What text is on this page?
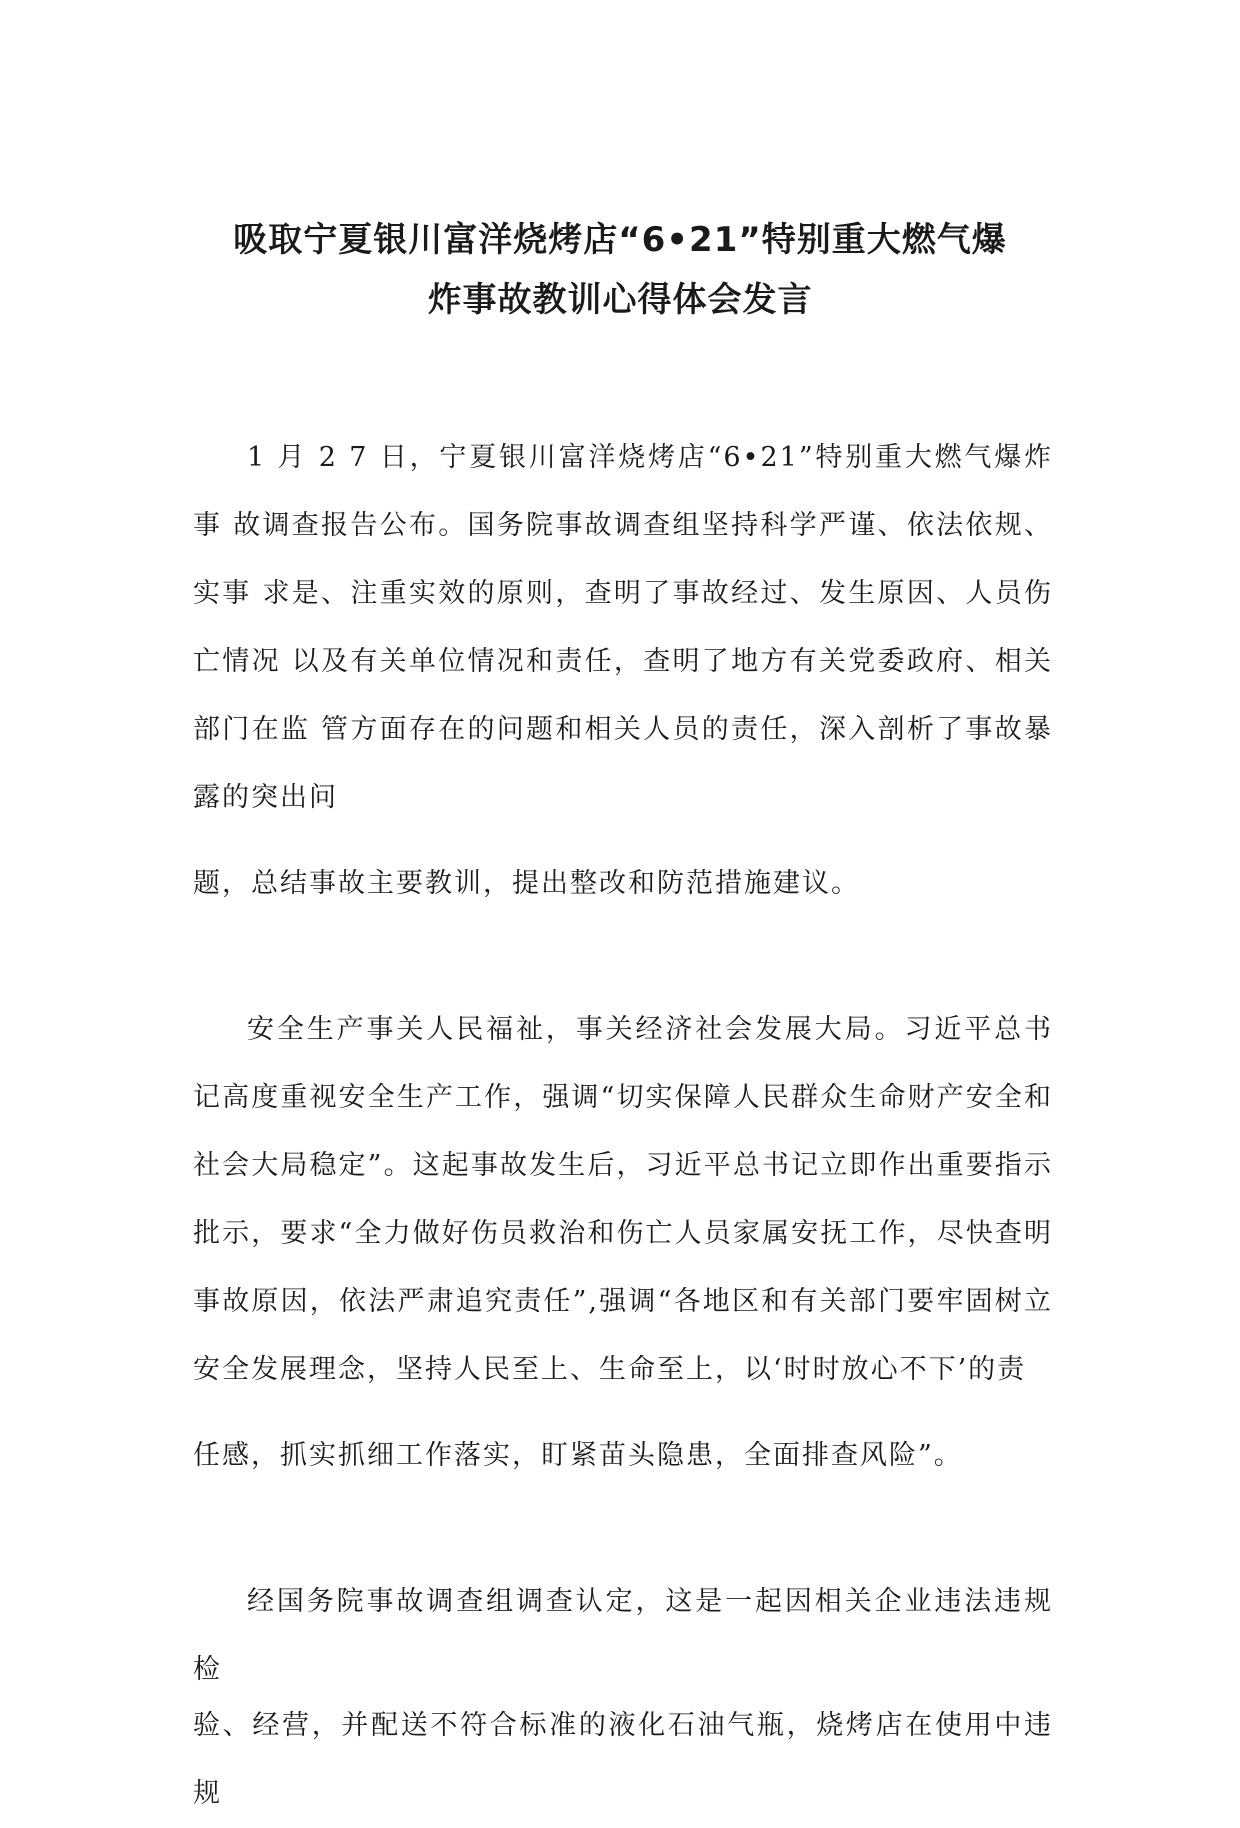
吸取宁夏银川富洋烧烤店“6•21”特别重大燃气爆
炸事故教训心得体会发言

1 月 2 7 日，宁夏银川富洋烧烤店“6•21”特别重大燃气爆炸事 故调查报告公布。国务院事故调查组坚持科学严谨、依法依规、实事 求是、注重实效的原则，查明了事故经过、发生原因、人员伤亡情况 以及有关单位情况和责任，查明了地方有关党委政府、相关部门在监 管方面存在的问题和相关人员的责任，深入剖析了事故暴露的突出问

题，总结事故主要教训，提出整改和防范措施建议。

安全生产事关人民福祉，事关经济社会发展大局。习近平总书记高度重视安全生产工作，强调“切实保障人民群众生命财产安全和社会大局稳定”。这起事故发生后，习近平总书记立即作出重要指示批示，要求“全力做好伤员救治和伤亡人员家属安抚工作，尽快查明事故原因，依法严肃追究责任”,强调“各地区和有关部门要牢固树立安全发展理念，坚持人民至上、生命至上，以‘时时放心不下’的责

任感，抓实抓细工作落实，盯紧苗头隐患，全面排查风险”。

经国务院事故调查组调查认定，这是一起因相关企业违法违规检

验、经营，并配送不符合标准的液化石油气瓶，烧烤店在使用中违规
